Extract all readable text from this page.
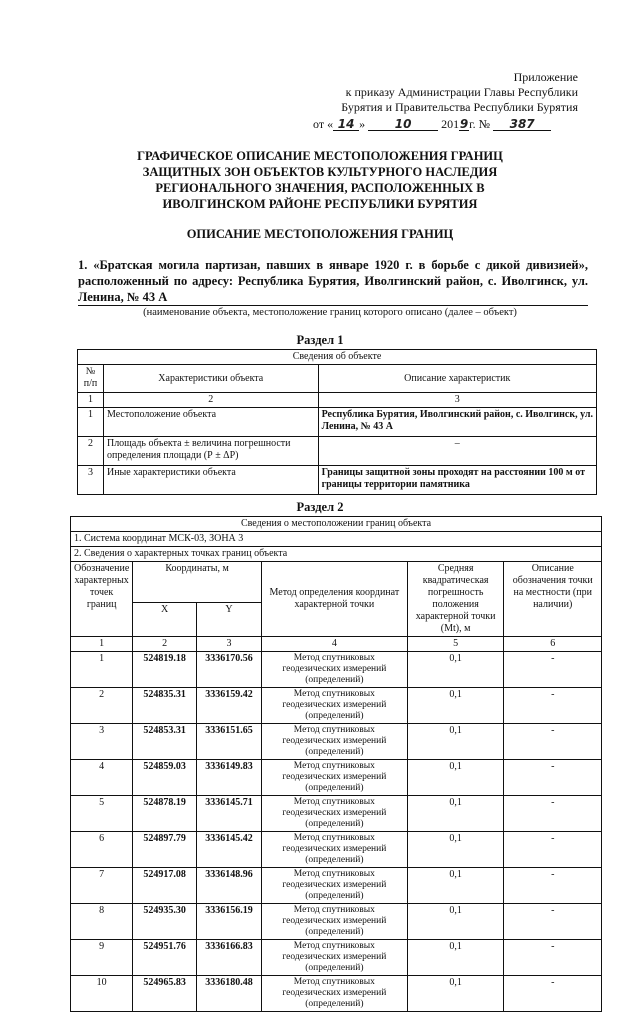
Приложение
к приказу Администрации Главы Республики
Бурятия и Правительства Республики Бурятия
от « 14 » 10 2019г. № 387
ГРАФИЧЕСКОЕ ОПИСАНИЕ МЕСТОПОЛОЖЕНИЯ ГРАНИЦ
ЗАЩИТНЫХ ЗОН ОБЪЕКТОВ КУЛЬТУРНОГО НАСЛЕДИЯ
РЕГИОНАЛЬНОГО ЗНАЧЕНИЯ, РАСПОЛОЖЕННЫХ В
ИВОЛГИНСКОМ РАЙОНЕ РЕСПУБЛИКИ БУРЯТИЯ
ОПИСАНИЕ МЕСТОПОЛОЖЕНИЯ ГРАНИЦ
1. «Братская могила партизан, павших в январе 1920 г. в борьбе с дикой дивизией», расположенный по адресу: Республика Бурятия, Иволгинский район, с. Иволгинск, ул. Ленина, № 43 А
(наименование объекта, местоположение границ которого описано (далее – объект)
Раздел 1
Сведения об объекте		
№ п/п	Характеристики объекта	Описание характеристик
1	2	3
1	Местоположение объекта	Республика Бурятия, Иволгинский район, с. Иволгинск, ул. Ленина, № 43 А
2	Площадь объекта ± величина погрешности определения площади (Р ± ΔР)	–
3	Иные характеристики объекта	Границы защитной зоны проходят на расстоянии 100 м от границы территории памятника
Раздел 2
Сведения о местоположении границ объекта					
1. Система координат МСК-03, ЗОНА 3					
2. Сведения о характерных точках границ объекта					
Обозначение характерных точек границ	Координаты, м		Метод определения координат характерной точки	Средняя квадратическая погрешность положения характерной точки (Mt), м	Описание обозначения точки на местности (при наличии)
	X	Y			
1	2	3	4	5	6
1	524819.18	3336170.56	Метод спутниковых геодезических измерений (определений)	0,1	-
2	524835.31	3336159.42	Метод спутниковых геодезических измерений (определений)	0,1	-
3	524853.31	3336151.65	Метод спутниковых геодезических измерений (определений)	0,1	-
4	524859.03	3336149.83	Метод спутниковых геодезических измерений (определений)	0,1	-
5	524878.19	3336145.71	Метод спутниковых геодезических измерений (определений)	0,1	-
6	524897.79	3336145.42	Метод спутниковых геодезических измерений (определений)	0,1	-
7	524917.08	3336148.96	Метод спутниковых геодезических измерений (определений)	0,1	-
8	524935.30	3336156.19	Метод спутниковых геодезических измерений (определений)	0,1	-
9	524951.76	3336166.83	Метод спутниковых геодезических измерений (определений)	0,1	-
10	524965.83	3336180.48	Метод спутниковых геодезических измерений (определений)	0,1	-
